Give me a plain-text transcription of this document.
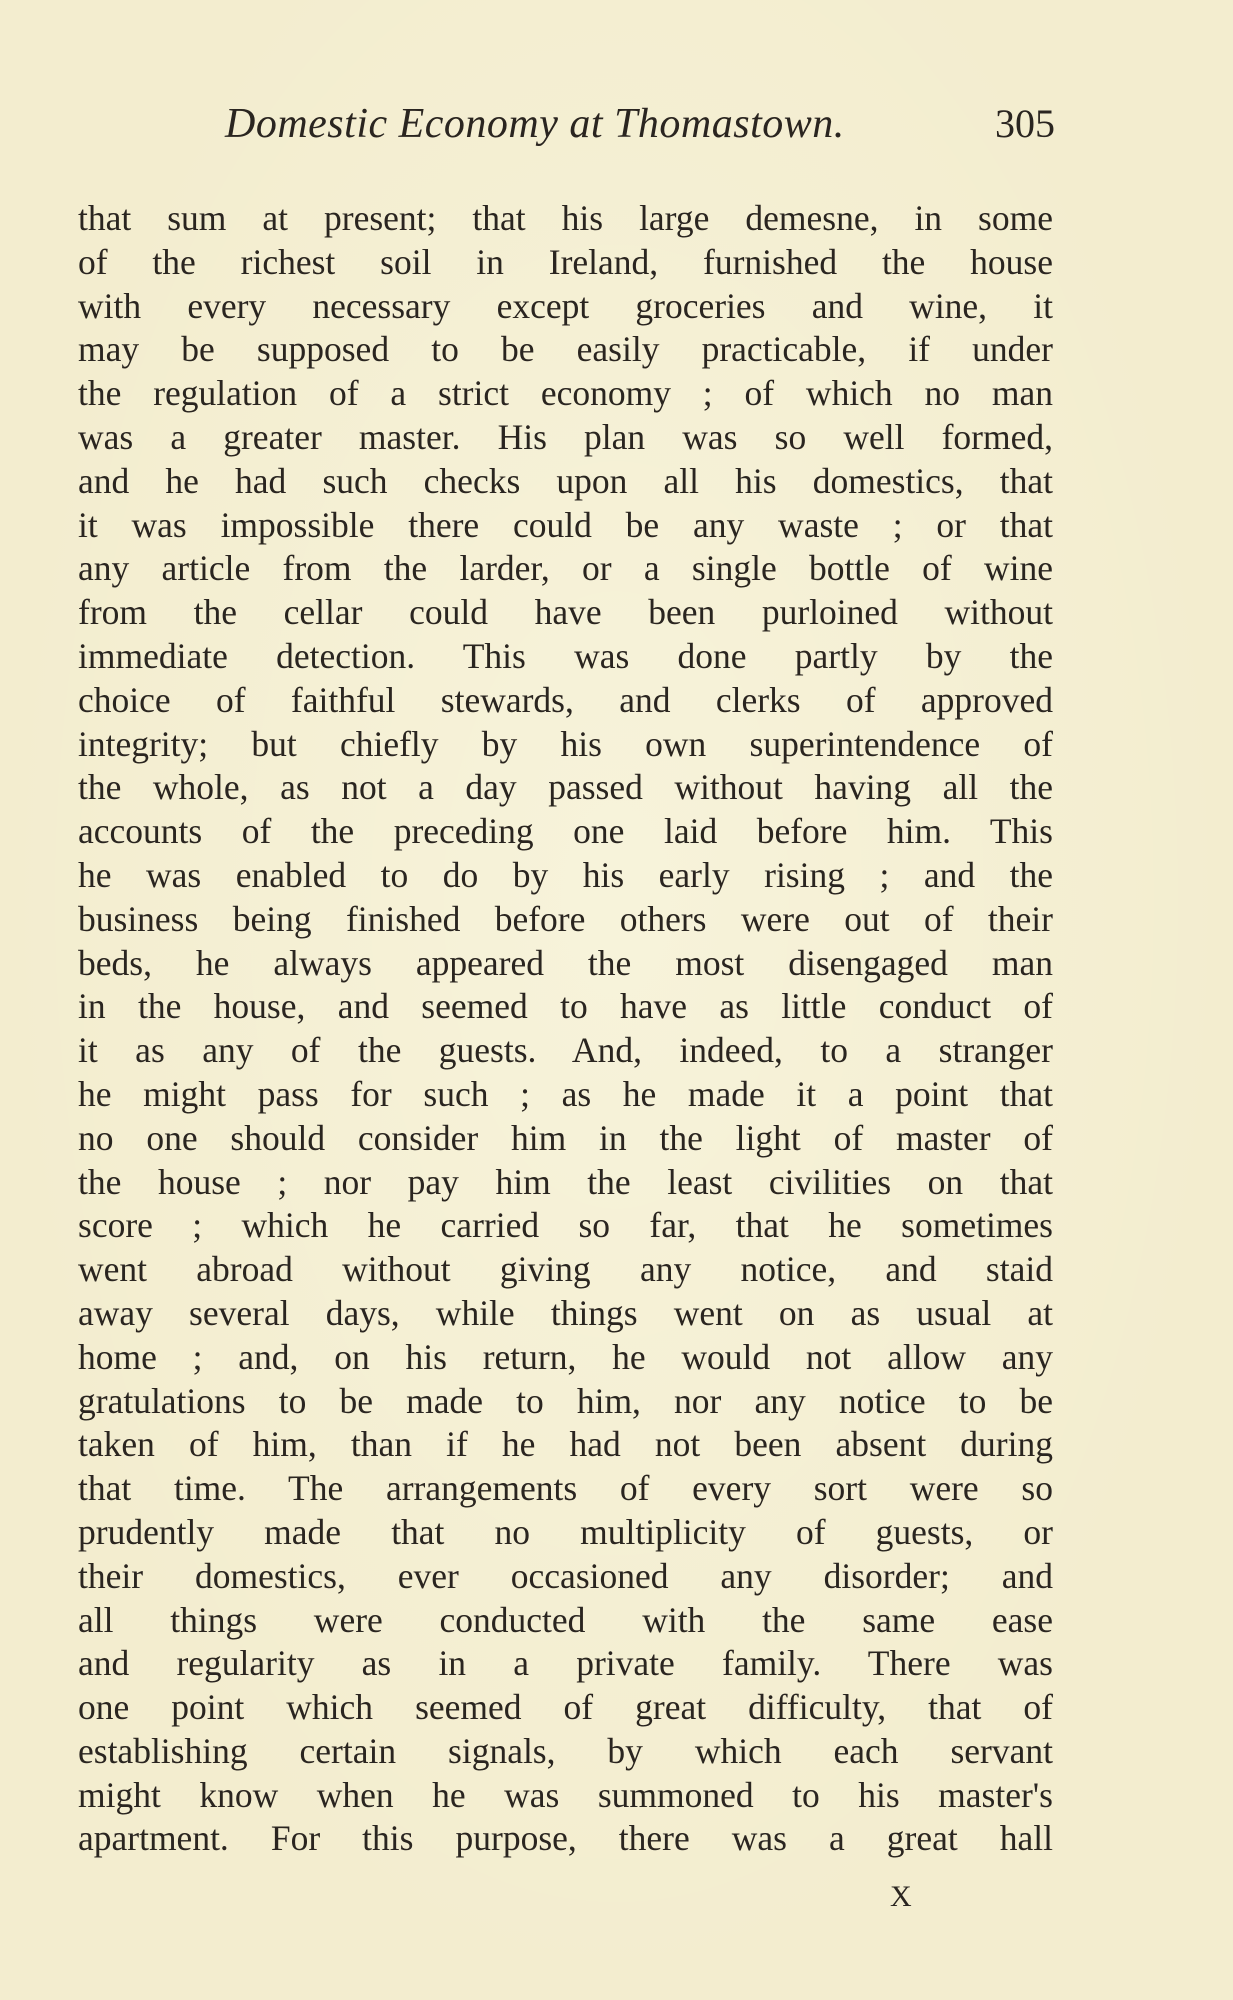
Domestic Economy at Thomastown.	305
that sum at present; that his large demesne, in some
of the richest soil in Ireland, furnished the house
with every necessary except groceries and wine, it
may be supposed to be easily practicable, if under
the regulation of a strict economy ; of which no man
was a greater master. His plan was so well formed,
and he had such checks upon all his domestics, that
it was impossible there could be any waste ; or that
any article from the larder, or a single bottle of wine
from the cellar could have been purloined without
immediate detection. This was done partly by the
choice of faithful stewards, and clerks of approved
integrity; but chiefly by his own superintendence of
the whole, as not a day passed without having all the
accounts of the preceding one laid before him. This
he was enabled to do by his early rising ; and the
business being finished before others were out of their
beds, he always appeared the most disengaged man
in the house, and seemed to have as little conduct of
it as any of the guests. And, indeed, to a stranger
he might pass for such ; as he made it a point that
no one should consider him in the light of master of
the house ; nor pay him the least civilities on that
score ; which he carried so far, that he sometimes
went abroad without giving any notice, and staid
away several days, while things went on as usual at
home ; and, on his return, he would not allow any
gratulations to be made to him, nor any notice to be
taken of him, than if he had not been absent during
that time. The arrangements of every sort were so
prudently made that no multiplicity of guests, or
their domestics, ever occasioned any disorder; and
all things were conducted with the same ease
and regularity as in a private family. There was
one point which seemed of great difficulty, that of
establishing certain signals, by which each servant
might know when he was summoned to his master's
apartment. For this purpose, there was a great hall
X
